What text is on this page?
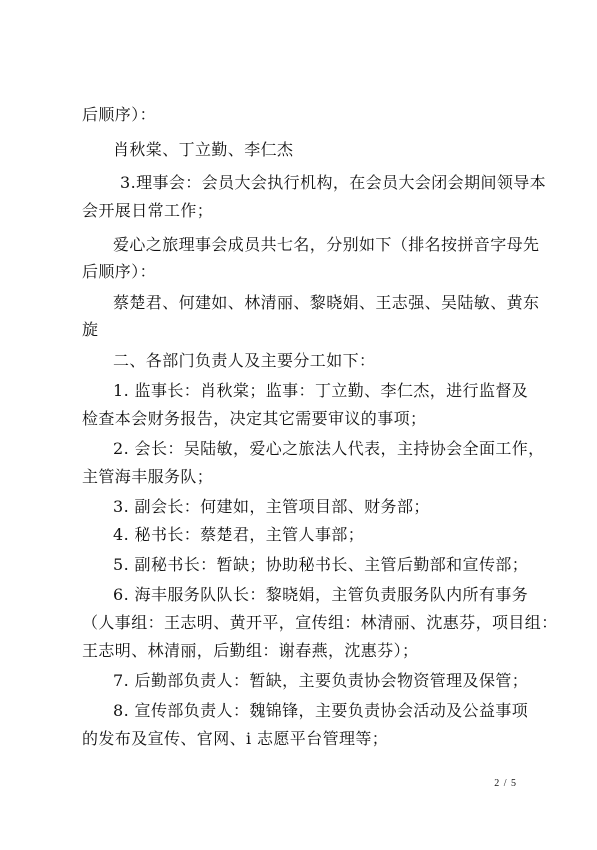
后顺序）：
肖秋棠、丁立勤、李仁杰
3.理事会：会员大会执行机构，在会员大会闭会期间领导本
会开展日常工作；
爱心之旅理事会成员共七名，分别如下（排名按拼音字母先
后顺序）：
蔡楚君、何建如、林清丽、黎晓娟、王志强、吴陆敏、黄东
旋
二、各部门负责人及主要分工如下：
1. 监事长：肖秋棠；监事：丁立勤、李仁杰，进行监督及
检查本会财务报告，决定其它需要审议的事项；
2. 会长：吴陆敏，爱心之旅法人代表，主持协会全面工作，
主管海丰服务队；
3. 副会长：何建如，主管项目部、财务部；
4. 秘书长：蔡楚君，主管人事部；
5. 副秘书长：暂缺；协助秘书长、主管后勤部和宣传部；
6. 海丰服务队队长：黎晓娟，主管负责服务队内所有事务
（人事组：王志明、黄开平，宣传组：林清丽、沈惠芬，项目组：
王志明、林清丽，后勤组：谢春燕，沈惠芬）；
7. 后勤部负责人：暂缺，主要负责协会物资管理及保管；
8. 宣传部负责人：魏锦锋，主要负责协会活动及公益事项
的发布及宣传、官网、i 志愿平台管理等；
2 / 5
